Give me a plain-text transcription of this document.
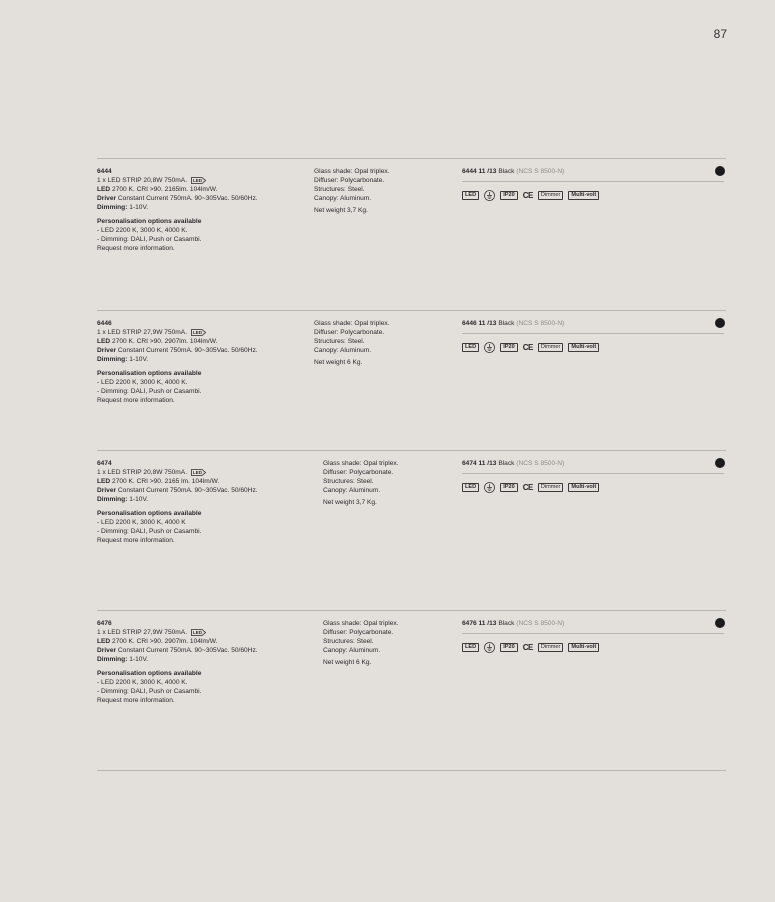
87
6444
1 x LED STRIP 20,8W 750mA. LED
LED 2700 K. CRI >90. 2165lm. 104lm/W.
Driver Constant Current 750mA. 90~305Vac. 50/60Hz.
Dimming: 1-10V.
Personalisation options available
- LED 2200 K, 3000 K, 4000 K.
- Dimming: DALI, Push or Casambi.
Request more information.
Glass shade: Opal triplex.
Diffuser: Polycarbonate.
Structures: Steel.
Canopy: Aluminum.
Net weight 3,7 Kg.
6444 11 /13 Black (NCS S 8500-N)
LED	IP20	CE	Dimmer	Multi-volt
6446
1 x LED STRIP 27,9W 750mA. LED
LED 2700 K. CRI >90. 2907lm. 104lm/W.
Driver Constant Current 750mA. 90~305Vac. 50/60Hz.
Dimming: 1-10V.
Personalisation options available
- LED 2200 K, 3000 K, 4000 K.
- Dimming: DALI, Push or Casambi.
Request more information.
Glass shade: Opal triplex.
Diffuser: Polycarbonate.
Structures: Steel.
Canopy: Aluminum.
Net weight 6 Kg.
6446 11 /13 Black (NCS S 8500-N)
LED	IP20	CE	Dimmer	Multi-volt
6474
1 x LED STRIP 20,8W 750mA. LED
LED 2700 K. CRI >90. 2165 lm. 104lm/W.
Driver Constant Current 750mA. 90~305Vac. 50/60Hz.
Dimming: 1-10V.
Personalisation options available
- LED 2200 K, 3000 K, 4000 K
- Dimming: DALI, Push or Casambi.
Request more information.
Glass shade: Opal triplex.
Diffuser: Polycarbonate.
Structures: Steel.
Canopy: Aluminum.
Net weight 3,7 Kg.
6474 11 /13 Black (NCS S 8500-N)
LED	IP20	CE	Dimmer	Multi-volt
6476
1 x LED STRIP 27,9W 750mA. LED
LED 2700 K. CRI >90. 2907lm. 104lm/W.
Driver Constant Current 750mA. 90~305Vac. 50/60Hz.
Dimming: 1-10V.
Personalisation options available
- LED 2200 K, 3000 K, 4000 K.
- Dimming: DALI, Push or Casambi.
Request more information.
Glass shade: Opal triplex.
Diffuser: Polycarbonate.
Structures: Steel.
Canopy: Aluminum.
Net weight 6 Kg.
6476 11 /13 Black (NCS S 8500-N)
LED	IP20	CE	Dimmer	Multi-volt
